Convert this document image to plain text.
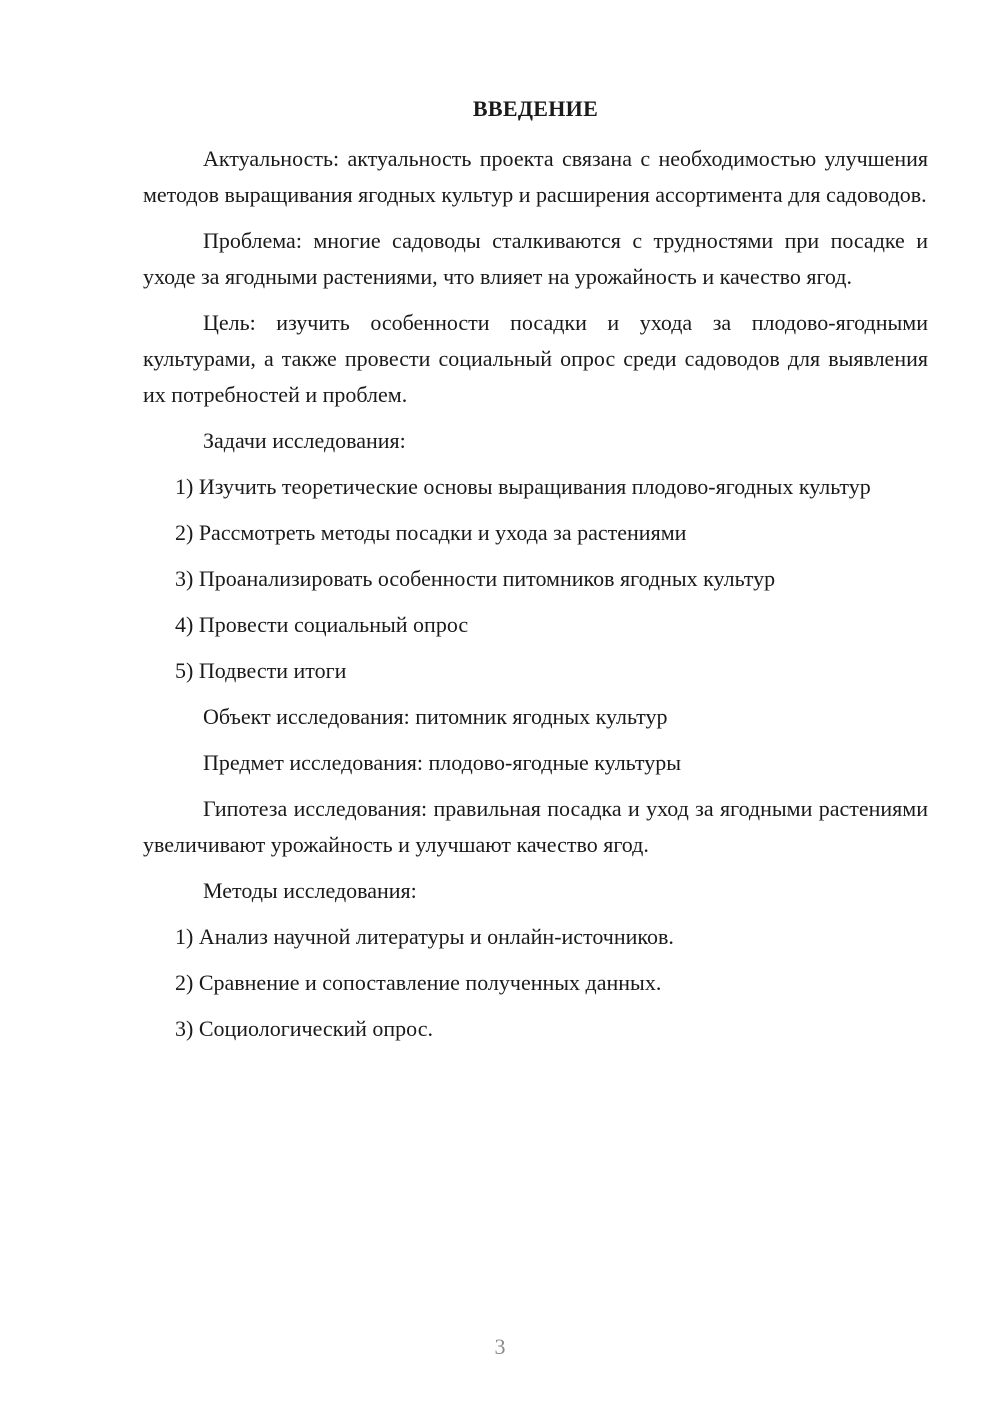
ВВЕДЕНИЕ

Актуальность: актуальность проекта связана с необходимостью улучшения методов выращивания ягодных культур и расширения ассортимента для садоводов.

Проблема: многие садоводы сталкиваются с трудностями при посадке и уходе за ягодными растениями, что влияет на урожайность и качество ягод.

Цель: изучить особенности посадки и ухода за плодово-ягодными культурами, а также провести социальный опрос среди садоводов для выявления их потребностей и проблем.

Задачи исследования:

1) Изучить теоретические основы выращивания плодово-ягодных культур

2) Рассмотреть методы посадки и ухода за растениями

3) Проанализировать особенности питомников ягодных культур

4) Провести социальный опрос

5) Подвести итоги

Объект исследования: питомник ягодных культур

Предмет исследования: плодово-ягодные культуры

Гипотеза исследования: правильная посадка и уход за ягодными растениями увеличивают урожайность и улучшают качество ягод.

Методы исследования:

1) Анализ научной литературы и онлайн-источников.

2) Сравнение и сопоставление полученных данных.

3) Социологический опрос.

3
